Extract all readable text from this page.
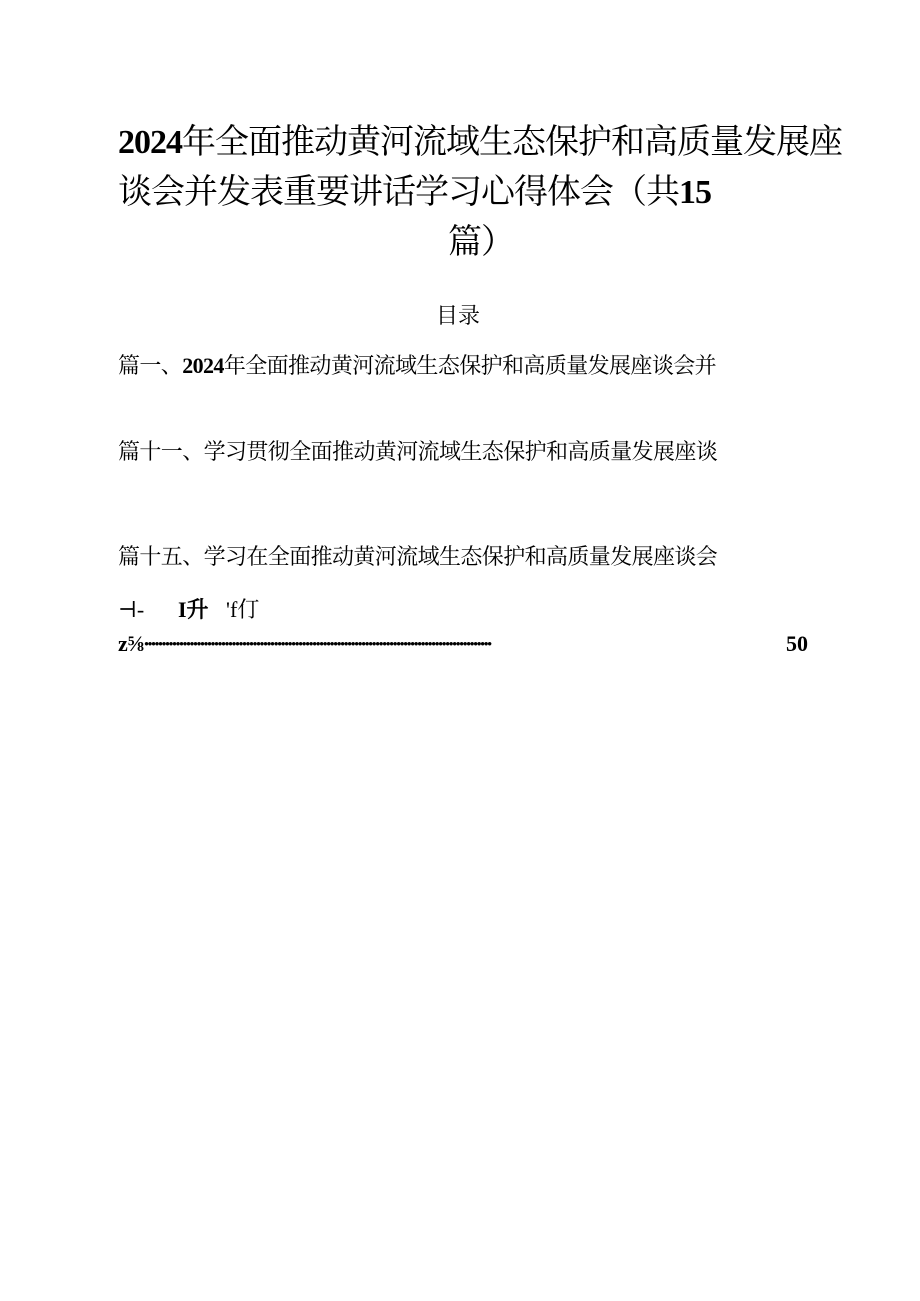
2024年全面推动黄河流域生态保护和高质量发展座
谈会并发表重要讲话学习心得体会（共15
篇）
目录
篇一、2024年全面推动黄河流域生态保护和高质量发展座谈会并
篇十一、学习贯彻全面推动黄河流域生态保护和高质量发展座谈
篇十五、学习在全面推动黄河流域生态保护和高质量发展座谈会
⊣- I升 'f仃
z⅝ •••••••••••••••••••••••••••••••••••••••••••••••••••••••••••••••••••••••••••••••••••••••••••••••••••	50
